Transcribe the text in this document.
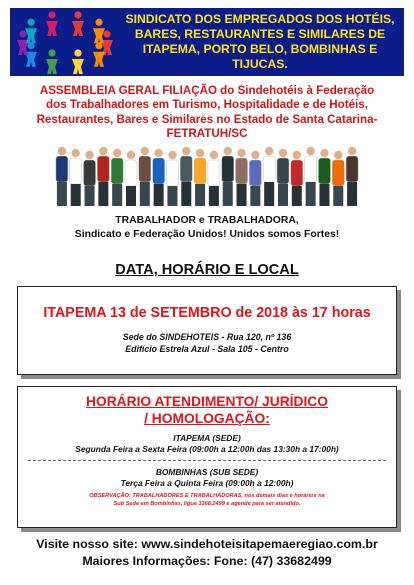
SINDICATO DOS EMPREGADOS DOS HOTÉIS,
BARES, RESTAURANTES E SIMILARES DE
ITAPEMA, PORTO BELO, BOMBINHAS E TIJUCAS.
ASSEMBLEIA GERAL FILIAÇÃO do Sindehotéis à Federação
dos Trabalhadores em Turismo, Hospitalidade e de Hotéis,
Restaurantes, Bares e Similares no Estado de Santa Catarina-
FETRATUH/SC
TRABALHADOR e TRABALHADORA,
Sindicato e Federação Unidos! Unidos somos Fortes!
DATA, HORÁRIO E LOCAL
ITAPEMA 13 de SETEMBRO de 2018 às 17 horas
Sede do SINDEHOTEIS - Rua 120, nº 136
Edifício Estrela Azul - Sala 105 - Centro
HORÁRIO ATENDIMENTO/ JURÍDICO
/ HOMOLOGAÇÃO:
ITAPEMA (SEDE)
Segunda Feira a Sexta Feira (09:00h a 12:00h das 13:30h a 17:00h)
BOMBINHAS (SUB SEDE)
Terça Feira a Quinta Feira (09:00h a 12:00h)
OBSERVAÇÃO: TRABALHADORES E TRABALHADORAS, nos demais dias e horários na
Sub Sede em Bombinhas, ligue 3368.2499 e agende para ser atendido.
Visite nosso site: www.sindehoteisitapemaeregiao.com.br
Maiores Informações: Fone: (47) 33682499
